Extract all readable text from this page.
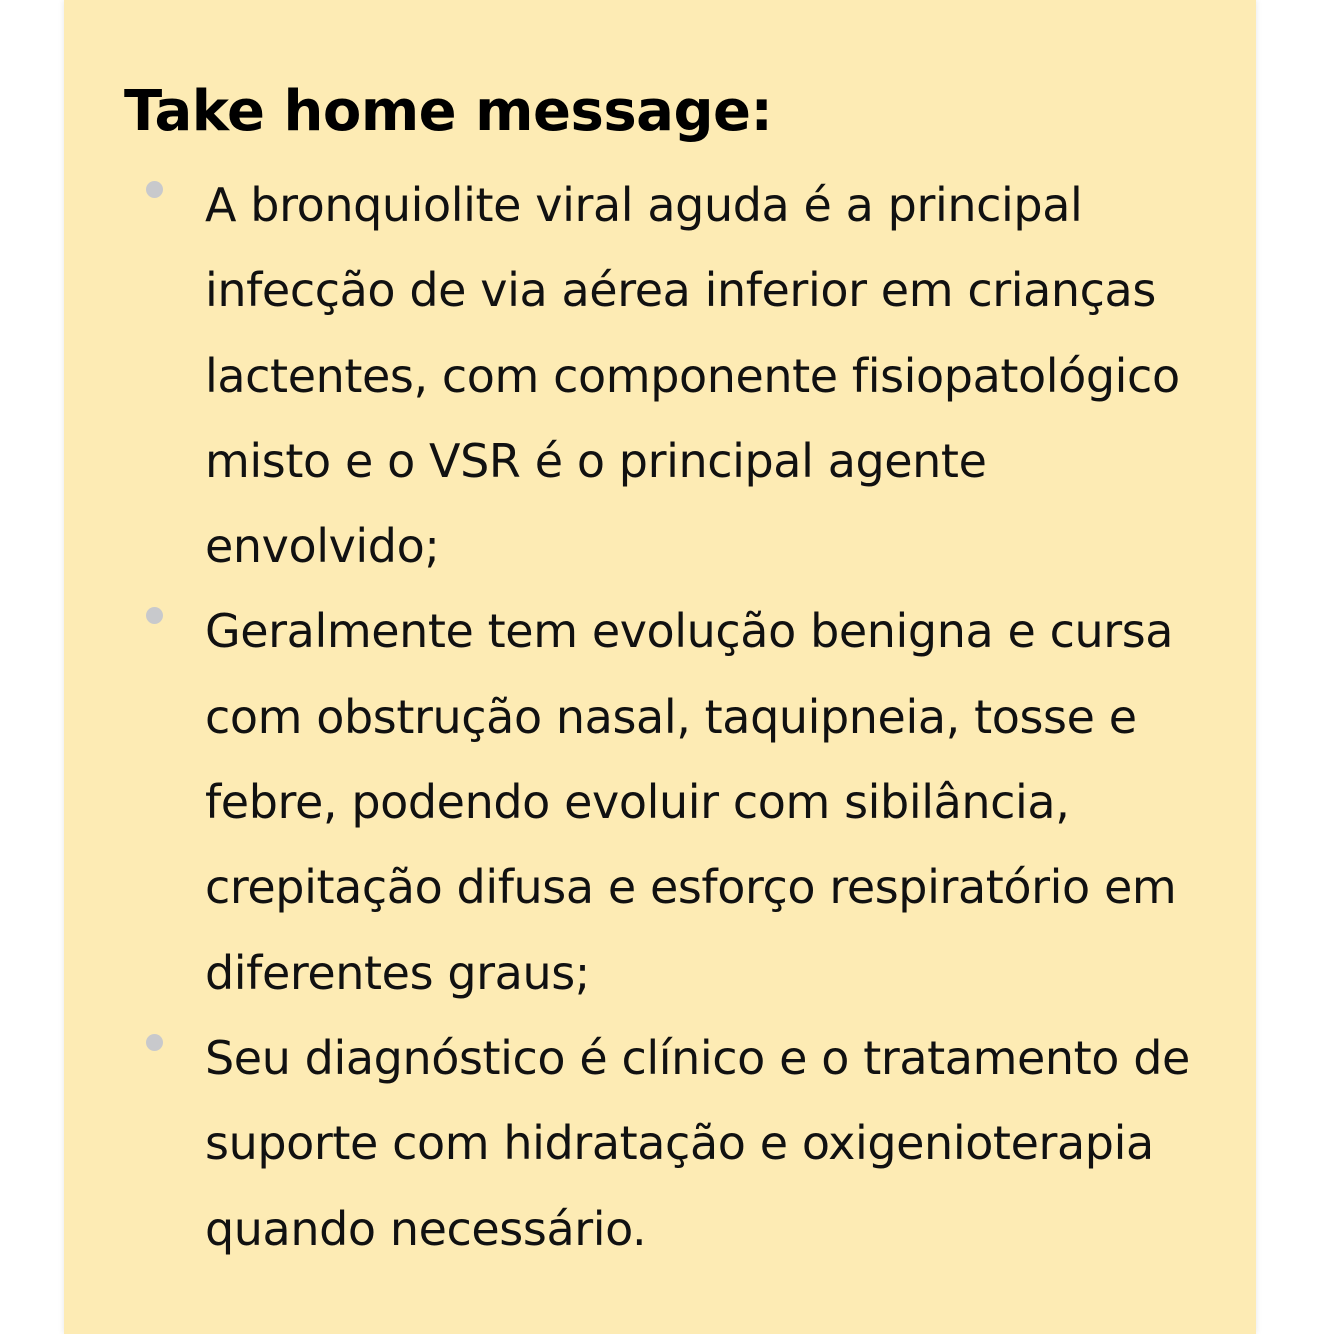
Take home message:
A bronquiolite viral aguda é a principal infecção de via aérea inferior em crianças lactentes, com componente fisiopatológico misto e o VSR é o principal agente envolvido;
Geralmente tem evolução benigna e cursa com obstrução nasal, taquipneia, tosse e febre, podendo evoluir com sibilância, crepitação difusa e esforço respiratório em diferentes graus;
Seu diagnóstico é clínico e o tratamento de suporte com hidratação e oxigenioterapia quando necessário.
